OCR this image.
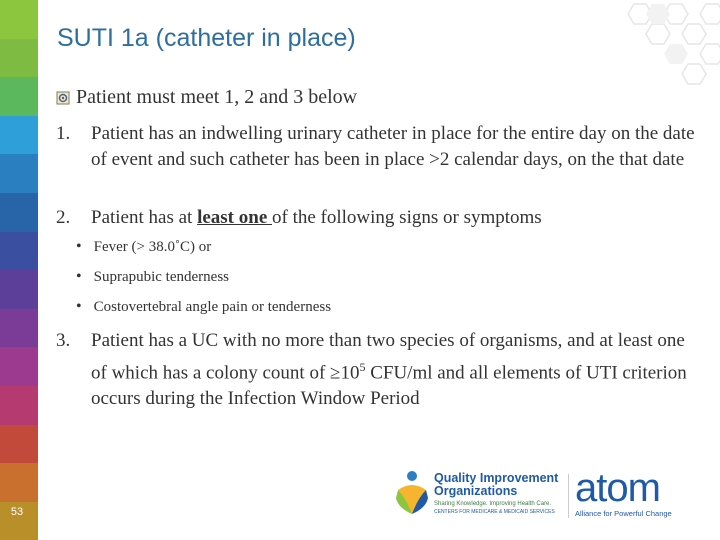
53
SUTI 1a (catheter in place)
Patient must meet 1, 2 and 3 below
1. Patient has an indwelling urinary catheter in place for the entire day on the date of event and such catheter has been in place >2 calendar days, on the that date
2. Patient has at least one of the following signs or symptoms
• Fever (> 38.0˚C) or
• Suprapubic tenderness
• Costovertebral angle pain or tenderness
3. Patient has a UC with no more than two species of organisms, and at least one of which has a colony count of $\ge 10^5$ CFU/ml and all elements of UTI criterion occurs during the Infection Window Period
Quality Improvement
Organizations
Sharing Knowledge. Improving Health Care.
CENTERS FOR MEDICARE & MEDICAID SERVICES
atom
Alliance for Powerful Change
